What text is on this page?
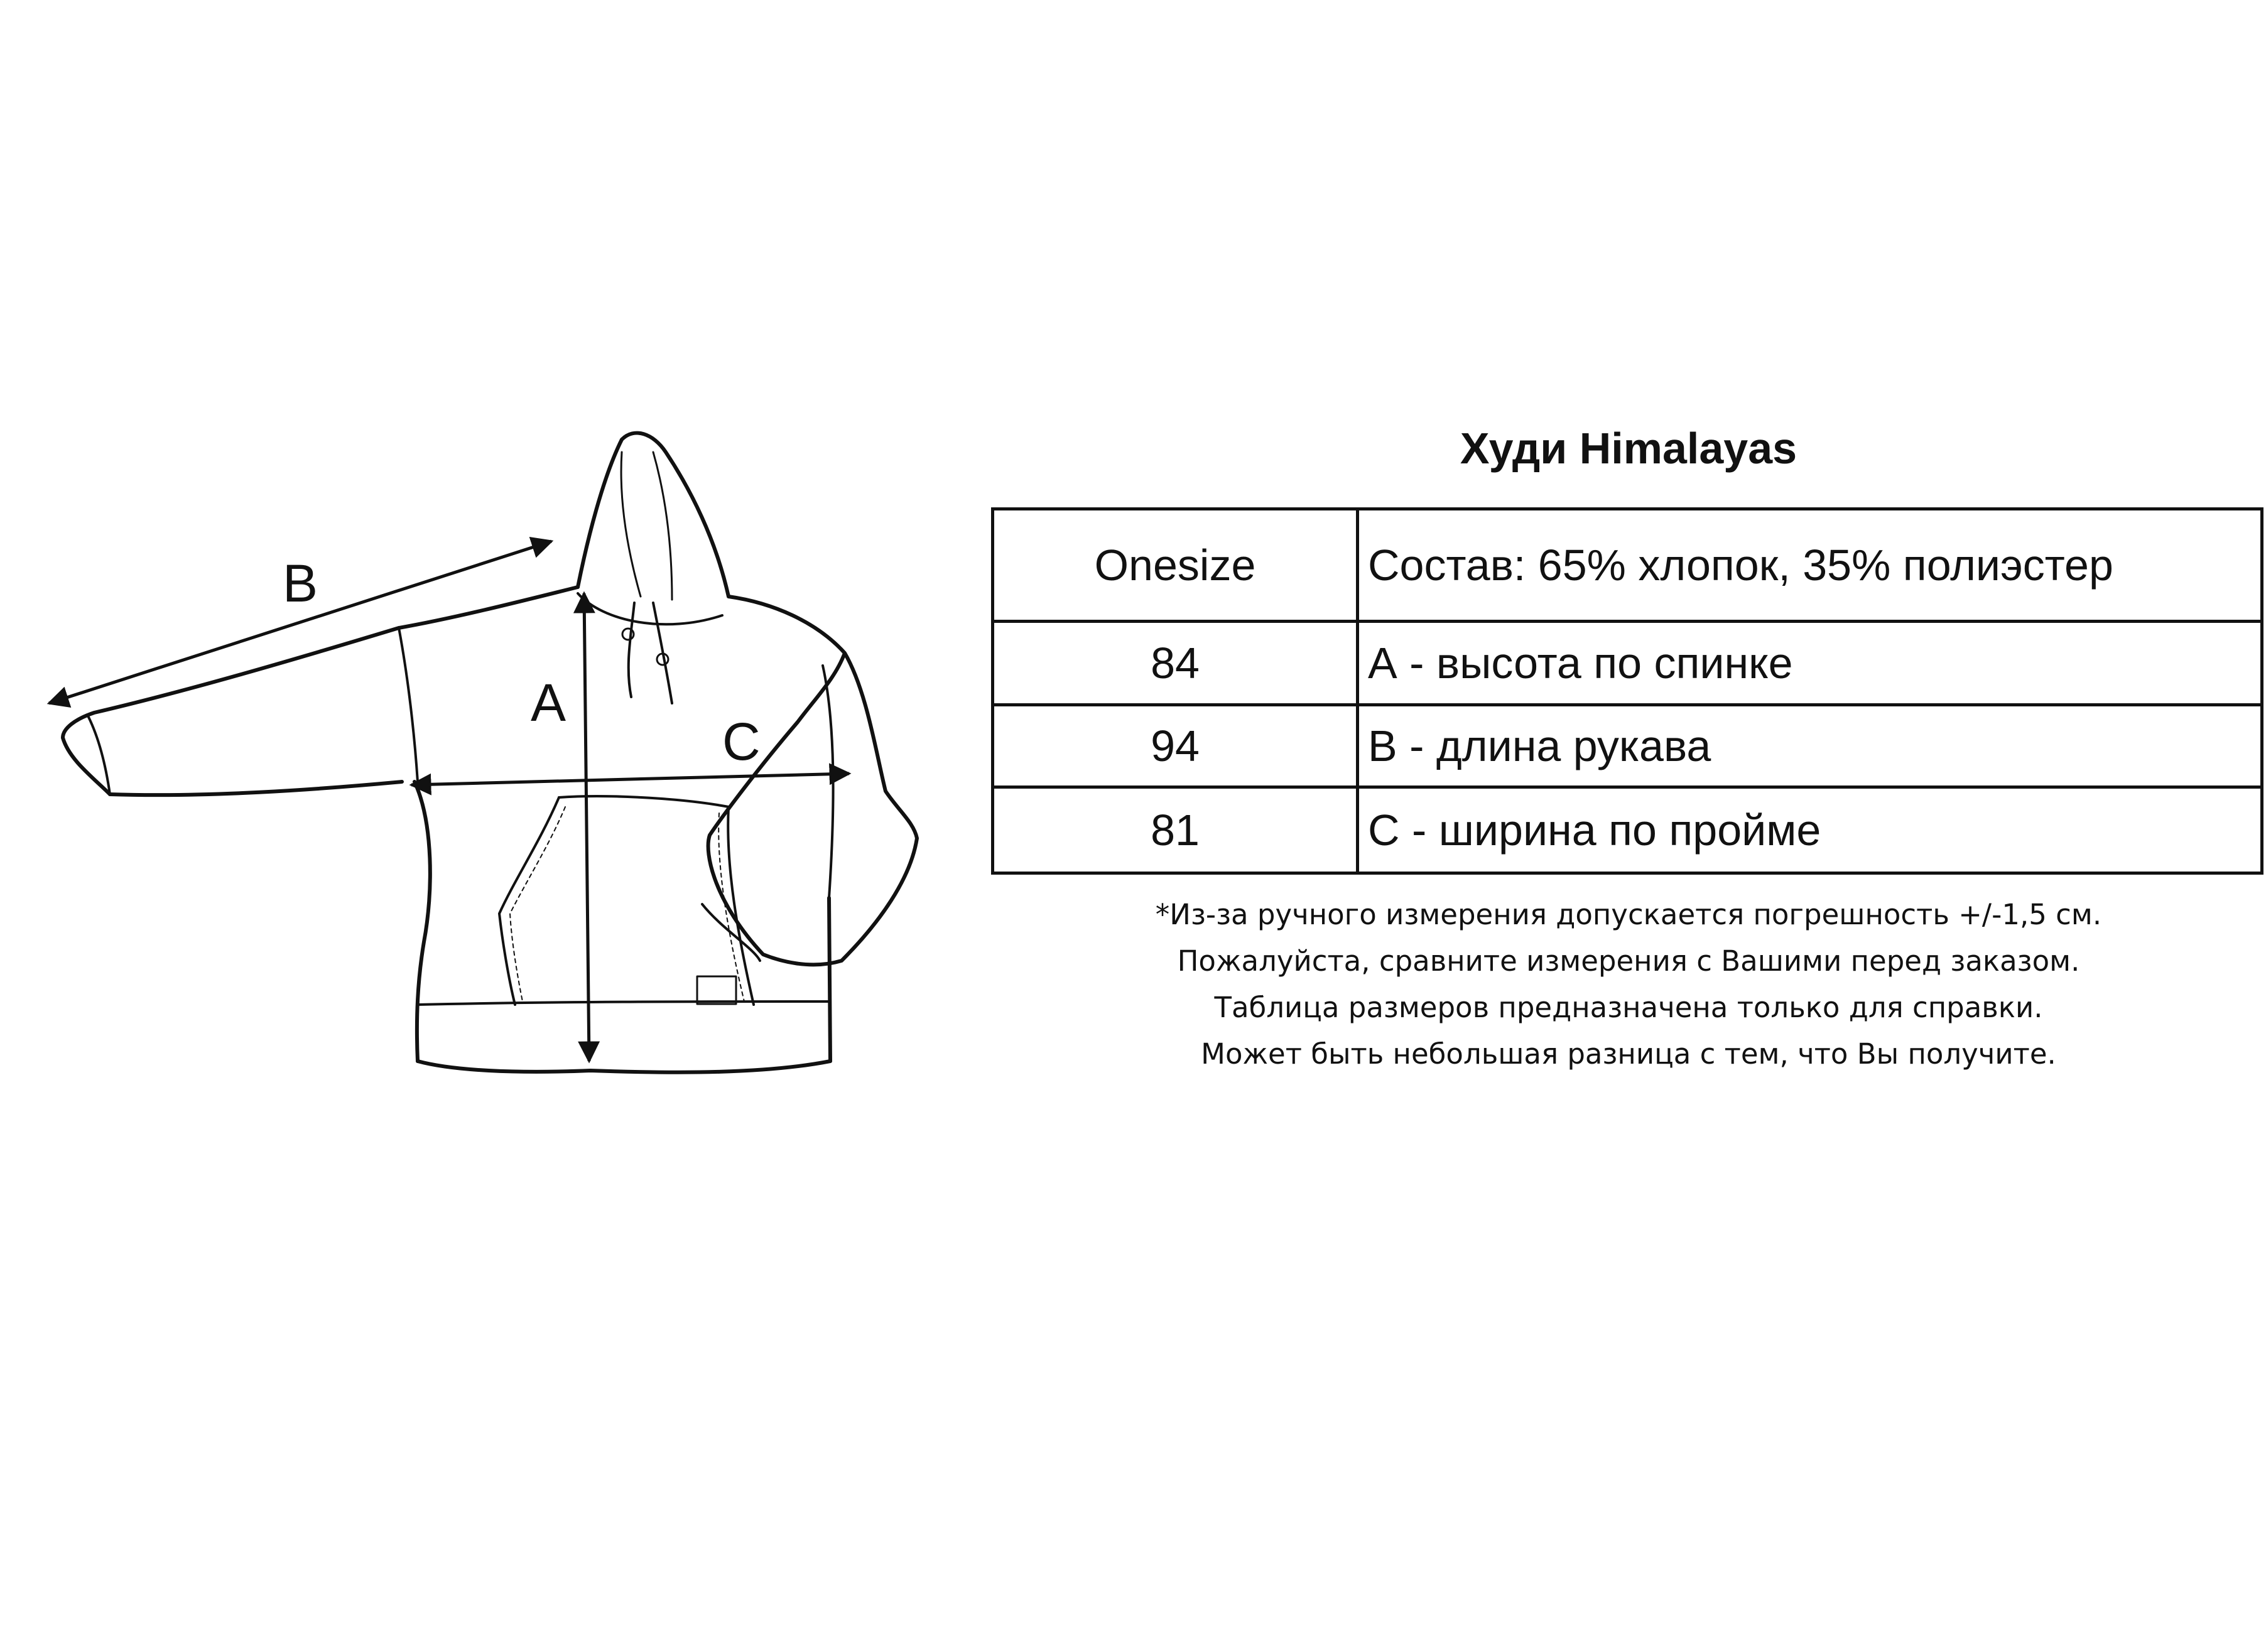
A
B
C
Худи Himalayas
Onesize	Состав: 65% хлопок, 35% полиэстер
84	А - высота по спинке
94	В - длина рукава
81	С - ширина по пройме
*Из-за ручного измерения допускается погрешность +/-1,5 см.
Пожалуйста, сравните измерения с Вашими перед заказом.
Таблица размеров предназначена только для справки.
Может быть небольшая разница с тем, что Вы получите.
